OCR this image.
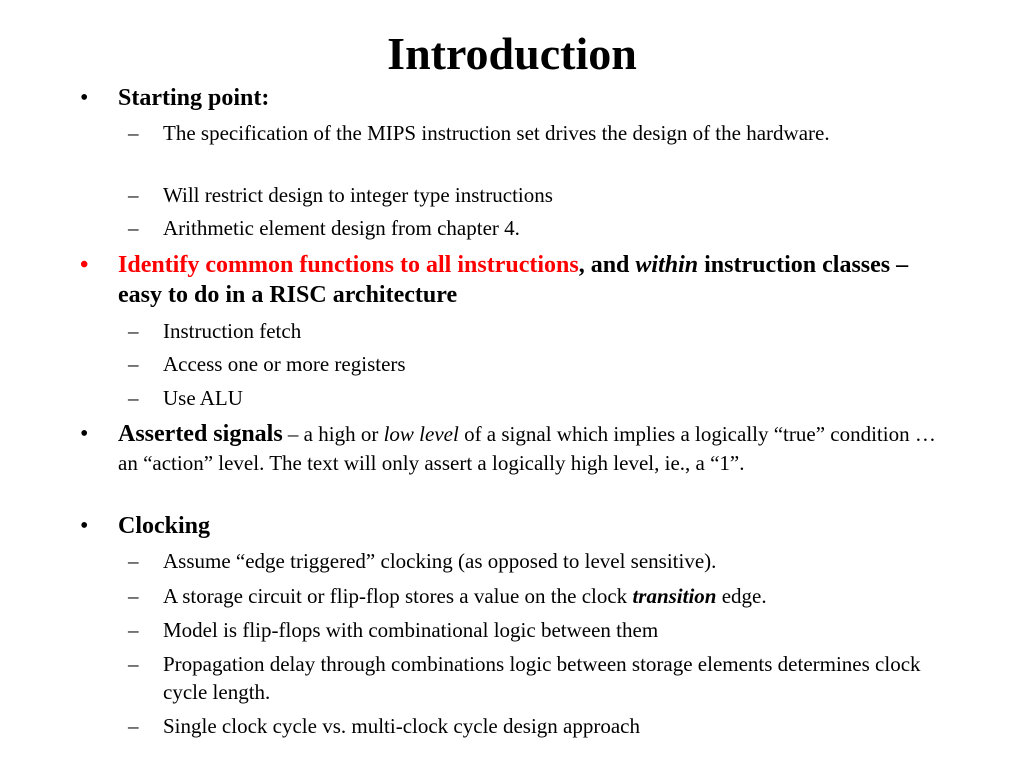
Introduction
• Starting point:
– The specification of the MIPS instruction set drives the design of the hardware.
– Will restrict design to integer type instructions
– Arithmetic element design from chapter 4.
• Identify common functions to all instructions, and within instruction classes – easy to do in a RISC architecture
– Instruction fetch
– Access one or more registers
– Use ALU
• Asserted signals – a high or low level of a signal which implies a logically “true” condition … an “action” level. The text will only assert a logically high level, ie., a “1”.
• Clocking
– Assume “edge triggered” clocking (as opposed to level sensitive).
– A storage circuit or flip-flop stores a value on the clock transition edge.
– Model is flip-flops with combinational logic between them
– Propagation delay through combinations logic between storage elements determines clock cycle length.
– Single clock cycle vs. multi-clock cycle design approach
